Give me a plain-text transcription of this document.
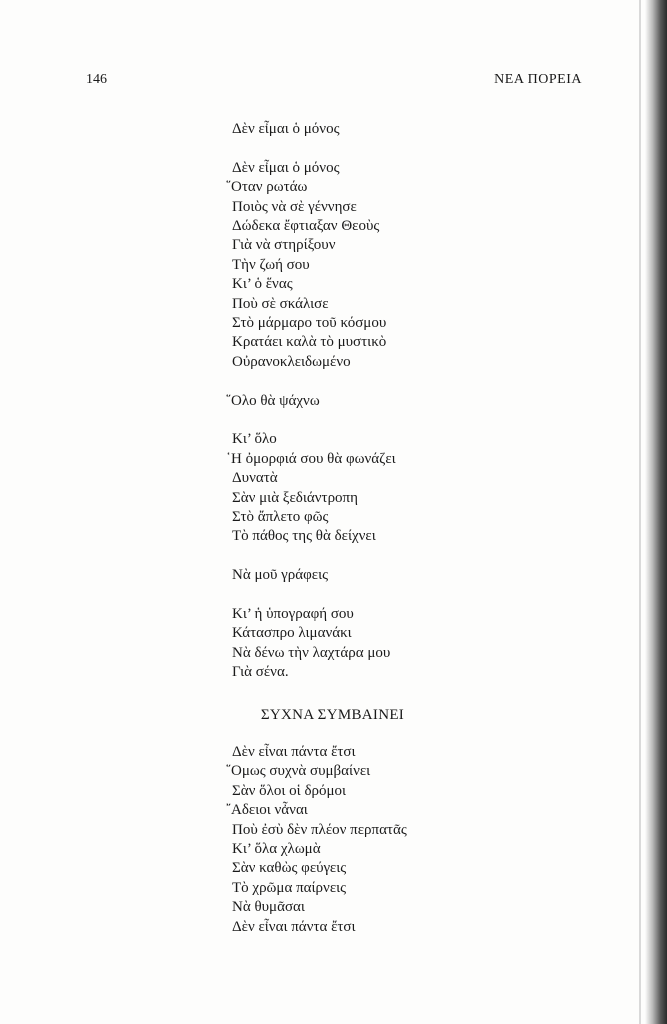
146	ΝΕΑ ΠΟΡΕΙΑ
Δὲν εἶμαι ὁ μόνος
Δὲν εἶμαι ὁ μόνος
῞Οταν ρωτάω
Ποιὸς νὰ σὲ γέννησε
Δώδεκα ἔφτιαξαν Θεοὺς
Γιὰ νὰ στηρίξουν
Τὴν ζωή σου
Κι’ ὁ ἕνας
Ποὺ σὲ σκάλισε
Στὸ μάρμαρο τοῦ κόσμου
Κρατάει καλὰ τὸ μυστικὸ
Οὐρανοκλειδωμένο
῞Ολο θὰ ψάχνω
Κι’ ὅλο
῾Η ὀμορφιά σου θὰ φωνάζει
Δυνατὰ
Σὰν μιὰ ξεδιάντροπη
Στὸ ἄπλετο φῶς
Τὸ πάθος της θὰ δείχνει
Νὰ μοῦ γράφεις
Κι’ ἡ ὑπογραφή σου
Κάτασπρο λιμανάκι
Νὰ δένω τὴν λαχτάρα μου
Γιὰ σένα.
ΣΥΧΝΑ ΣΥΜΒΑΙΝΕΙ
Δὲν εἶναι πάντα ἔτσι
῞Ομως συχνὰ συμβαίνει
Σὰν ὅλοι οἱ δρόμοι
῎Αδειοι νἆναι
Ποὺ ἐσὺ δὲν πλέον περπατᾶς
Κι’ ὅλα χλωμὰ
Σὰν καθὼς φεύγεις
Τὸ χρῶμα παίρνεις
Νὰ θυμᾶσαι
Δὲν εἶναι πάντα ἔτσι
